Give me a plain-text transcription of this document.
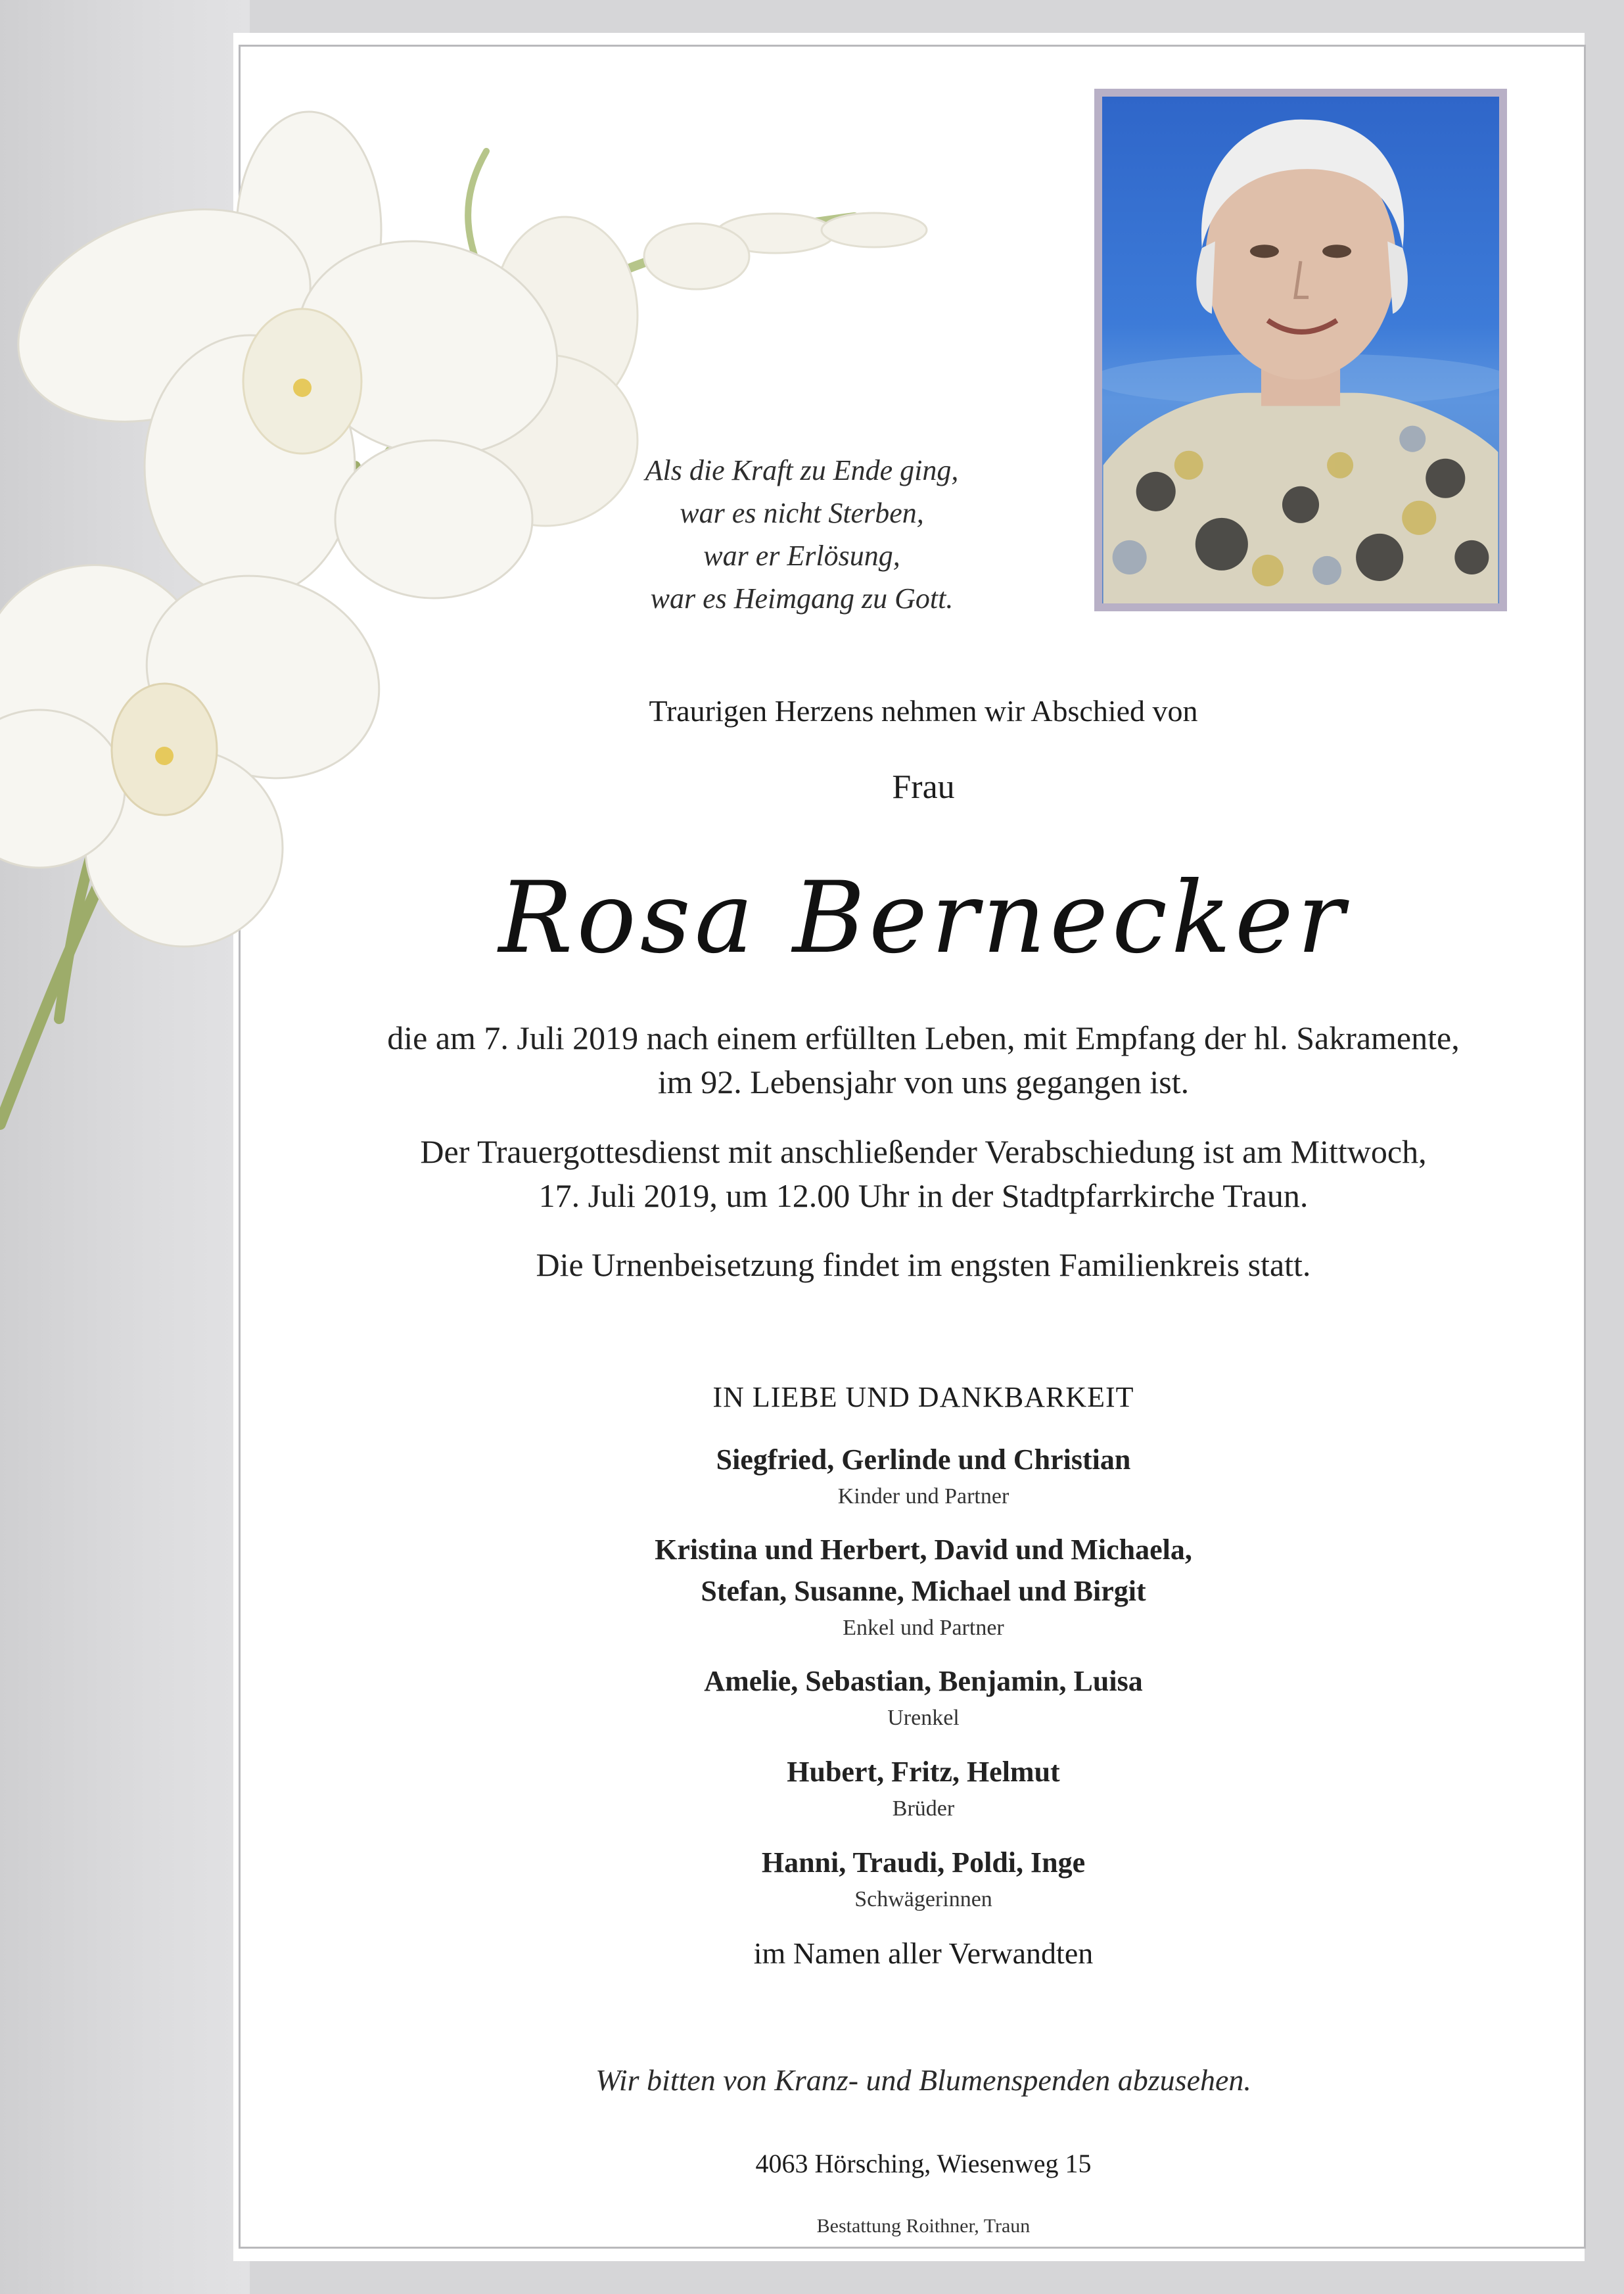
Als die Kraft zu Ende ging,
war es nicht Sterben,
war er Erlösung,
war es Heimgang zu Gott.
Traurigen Herzens nehmen wir Abschied von
Frau
Rosa Bernecker
die am 7. Juli 2019 nach einem erfüllten Leben, mit Empfang der hl. Sakramente,
im 92. Lebensjahr von uns gegangen ist.
Der Trauergottesdienst mit anschließender Verabschiedung ist am Mittwoch,
17. Juli 2019, um 12.00 Uhr in der Stadtpfarrkirche Traun.
Die Urnenbeisetzung findet im engsten Familienkreis statt.
IN LIEBE UND DANKBARKEIT
Siegfried, Gerlinde und Christian
Kinder und Partner
Kristina und Herbert, David und Michaela,
Stefan, Susanne, Michael und Birgit
Enkel und Partner
Amelie, Sebastian, Benjamin, Luisa
Urenkel
Hubert, Fritz, Helmut
Brüder
Hanni, Traudi, Poldi, Inge
Schwägerinnen
im Namen aller Verwandten
Wir bitten von Kranz- und Blumenspenden abzusehen.
4063 Hörsching, Wiesenweg 15
Bestattung Roithner, Traun
